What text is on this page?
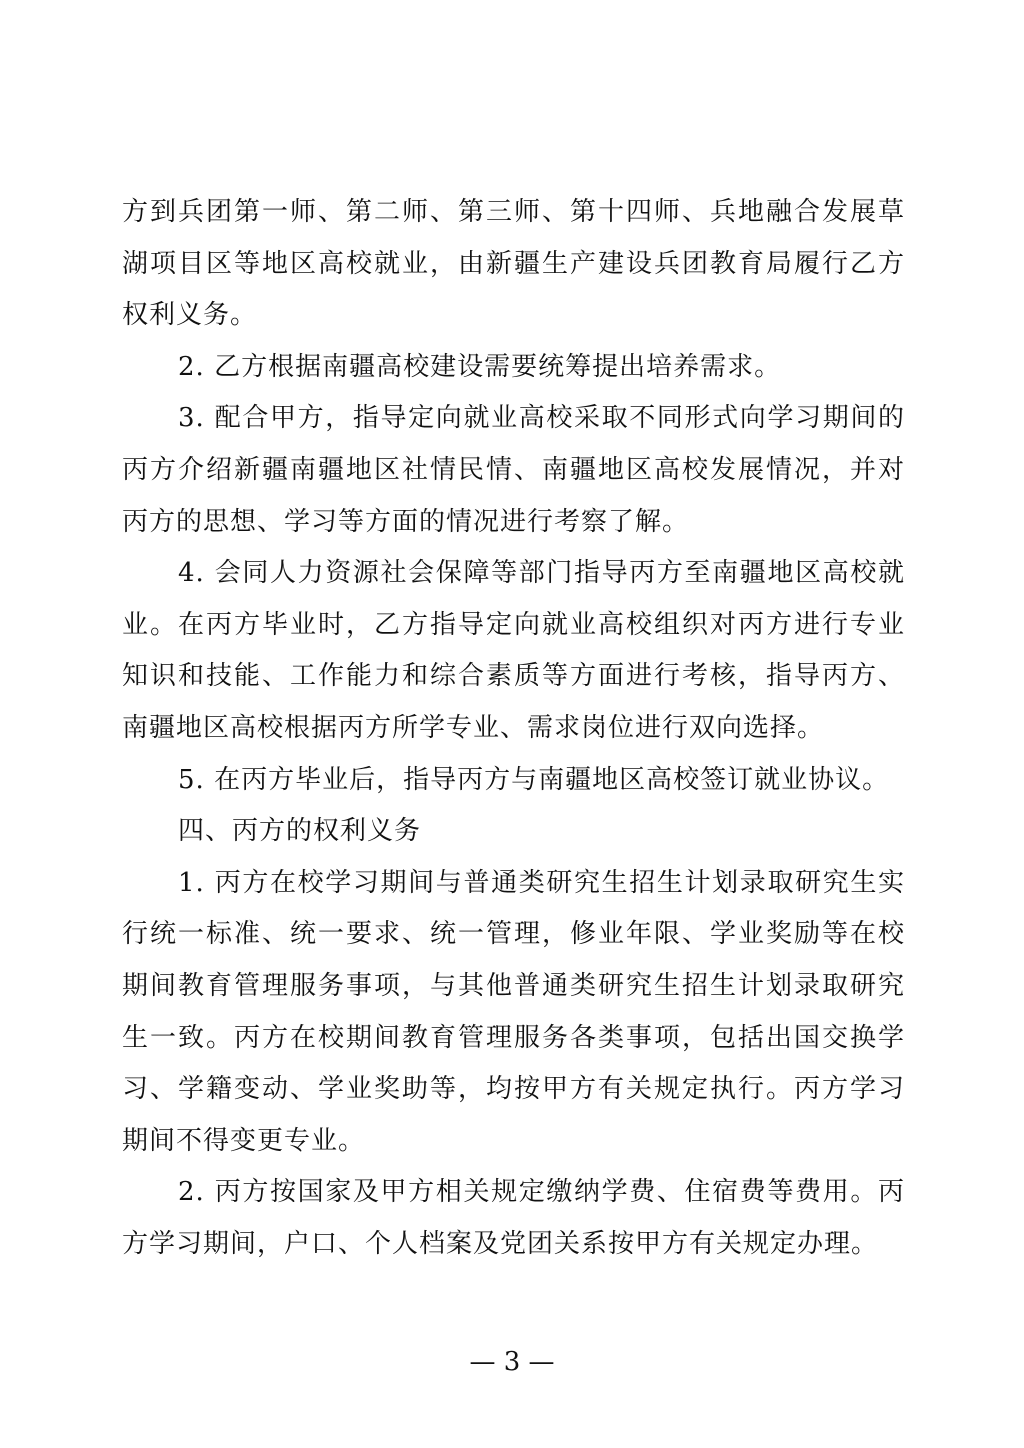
方到兵团第一师、第二师、第三师、第十四师、兵地融合发展草
湖项目区等地区高校就业，由新疆生产建设兵团教育局履行乙方
权利义务。
2. 乙方根据南疆高校建设需要统筹提出培养需求。
3. 配合甲方，指导定向就业高校采取不同形式向学习期间的
丙方介绍新疆南疆地区社情民情、南疆地区高校发展情况，并对
丙方的思想、学习等方面的情况进行考察了解。
4. 会同人力资源社会保障等部门指导丙方至南疆地区高校就
业。在丙方毕业时，乙方指导定向就业高校组织对丙方进行专业
知识和技能、工作能力和综合素质等方面进行考核，指导丙方、
南疆地区高校根据丙方所学专业、需求岗位进行双向选择。
5. 在丙方毕业后，指导丙方与南疆地区高校签订就业协议。
四、丙方的权利义务
1. 丙方在校学习期间与普通类研究生招生计划录取研究生实
行统一标准、统一要求、统一管理，修业年限、学业奖励等在校
期间教育管理服务事项，与其他普通类研究生招生计划录取研究
生一致。丙方在校期间教育管理服务各类事项，包括出国交换学
习、学籍变动、学业奖助等，均按甲方有关规定执行。丙方学习
期间不得变更专业。
2. 丙方按国家及甲方相关规定缴纳学费、住宿费等费用。丙
方学习期间，户口、个人档案及党团关系按甲方有关规定办理。
— 3 —
